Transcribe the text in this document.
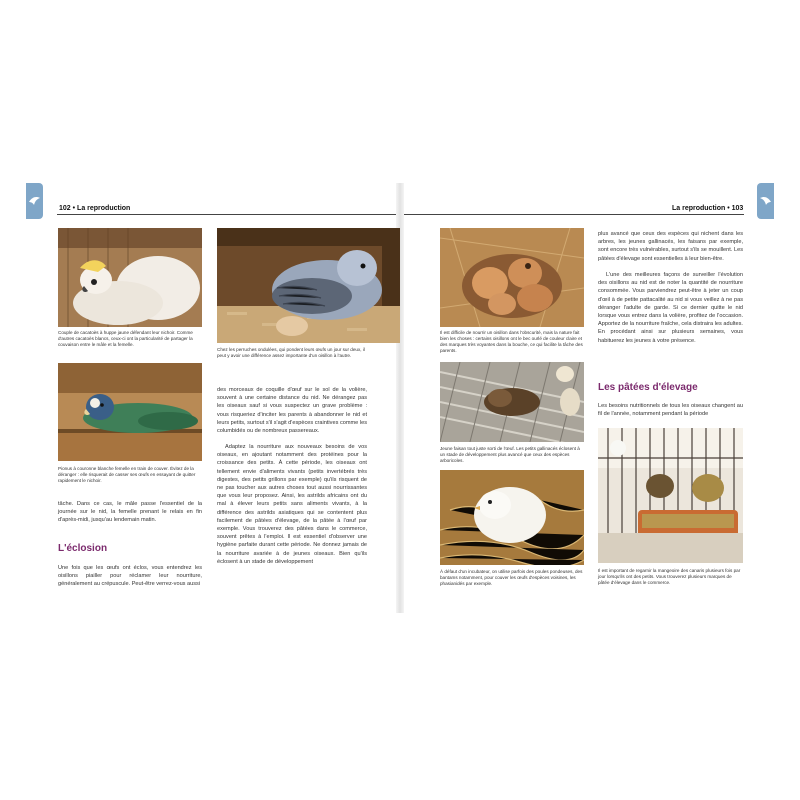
102 • La reproduction	La reproduction • 103
Couple de cacatoès à huppe jaune défendant leur nichoir. Comme d'autres cacatoès blancs, ceux-ci ont la particularité de partager la couvaison entre le mâle et la femelle.
Chez les perruches ondulées, qui pondent leurs œufs un jour sur deux, il peut y avoir une différence assez importante d'un oisillon à l'autre.
Pionus à couronne blanche femelle en train de couver. Évitez de la déranger : elle risquerait de casser ses œufs en essayant de quitter rapidement le nichoir.
tâche. Dans ce cas, le mâle passe l'essentiel de la journée sur le nid, la femelle prenant le relais en fin d'après-midi, jusqu'au lendemain matin.
L'éclosion
Une fois que les œufs ont éclos, vous entendrez les oisillons piailler pour réclamer leur nourriture, généralement au crépuscule. Peut-être verrez-vous aussi
des morceaux de coquille d'œuf sur le sol de la volière, souvent à une certaine distance du nid. Ne dérangez pas les oiseaux sauf si vous suspectez un grave problème : vous risqueriez d'inciter les parents à abandonner le nid et leurs petits, surtout s'il s'agit d'espèces craintives comme les columbidés ou de nombreux passereaux.
Adaptez la nourriture aux nouveaux besoins de vos oiseaux, en ajoutant notamment des protéines pour la croissance des petits. À cette période, les oiseaux ont tellement envie d'aliments vivants (petits invertébrés très digestes, des petits grillons par exemple) qu'ils risquent de ne pas toucher aux autres choses tout aussi nourrissantes que vous leur proposez. Ainsi, les astrilds africains ont du mal à élever leurs petits sans aliments vivants, à la différence des astrilds asiatiques qui se contentent plus facilement de pâtées d'élevage, de la pâtée à l'œuf par exemple. Vous trouverez des pâtées dans le commerce, souvent prêtes à l'emploi. Il est essentiel d'observer une hygiène parfaite durant cette période. Ne donnez jamais de la nourriture avariée à de jeunes oiseaux. Bien qu'ils éclosent à un stade de développement
Il est difficile de nourrir un oisillon dans l'obscurité, mais la nature fait bien les choses : certains oisillons ont le bec ourlé de couleur claire et des marques très voyantes dans la bouche, ce qui facilite la tâche des parents.
Jeune faisan tout juste sorti de l'œuf. Les petits gallinacés éclosent à un stade de développement plus avancé que ceux des espèces arboricoles.
À défaut d'un incubateur, on utilise parfois des poules pondeuses, des bantams notamment, pour couver les œufs d'espèces voisines, les phasianidés par exemple.
Il est important de regarnir la mangeoire des canaris plusieurs fois par jour lorsqu'ils ont des petits. Vous trouverez plusieurs marques de pâtée d'élevage dans le commerce.
plus avancé que ceux des espèces qui nichent dans les arbres, les jeunes gallinacés, les faisans par exemple, sont encore très vulnérables, surtout s'ils se mouillent. Les pâtées d'élevage sont essentielles à leur bien-être.
L'une des meilleures façons de surveiller l'évolution des oisillons au nid est de noter la quantité de nourriture consommée. Vous parviendrez peut-être à jeter un coup d'œil à de petite pattacalité au nid si vous veillez à ne pas déranger l'adulte de garde. Si ce dernier quitte le nid lorsque vous entrez dans la volière, profitez de l'occasion. Apportez de la nourriture fraîche, cela distraira les adultes. En procédant ainsi sur plusieurs semaines, vous habituerez les jeunes à votre présence.
Les pâtées d'élevage
Les besoins nutritionnels de tous les oiseaux changent au fil de l'année, notamment pendant la période
